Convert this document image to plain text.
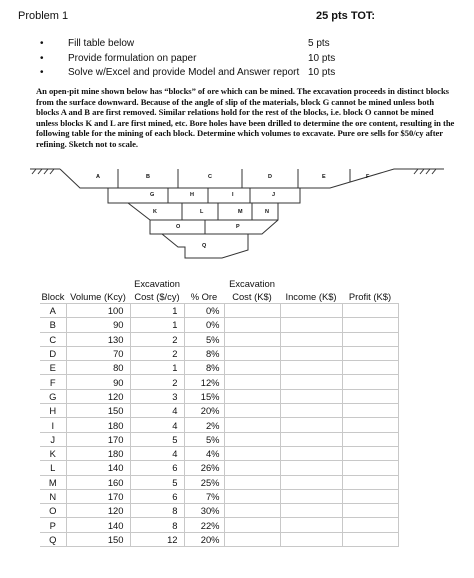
Problem 1	25 pts TOT:
• Fill table below
• Provide formulation on paper
• Solve w/Excel and provide Model and Answer report
5 pts
10 pts
10 pts
An open-pit mine shown below has “blocks” of ore which can be mined. The excavation proceeds in distinct blocks from the surface downward. Because of the angle of slip of the materials, block G cannot be mined unless both blocks A and B are first removed. Similar relations hold for the rest of the blocks, i.e. block O cannot be mined unless blocks K and L are first mined, etc. Bore holes have been drilled to determine the ore content, resulting in the following table for the mining of each block. Determine which volumes to excavate. Pure ore sells for $50/cy after refining. Sketch not to scale.
A	B	C	D	E	F
G	H	I	J
K	L	M	N
O	P
Q
		Excavation		Excavation		
Block	Volume (Kcy)	Cost ($/cy)	% Ore	Cost (K$)	Income (K$)	Profit (K$)
A	100	1	0%			
B	90	1	0%			
C	130	2	5%			
D	70	2	8%			
E	80	1	8%			
F	90	2	12%			
G	120	3	15%			
H	150	4	20%			
I	180	4	2%			
J	170	5	5%			
K	180	4	4%			
L	140	6	26%			
M	160	5	25%			
N	170	6	7%			
O	120	8	30%			
P	140	8	22%			
Q	150	12	20%			
